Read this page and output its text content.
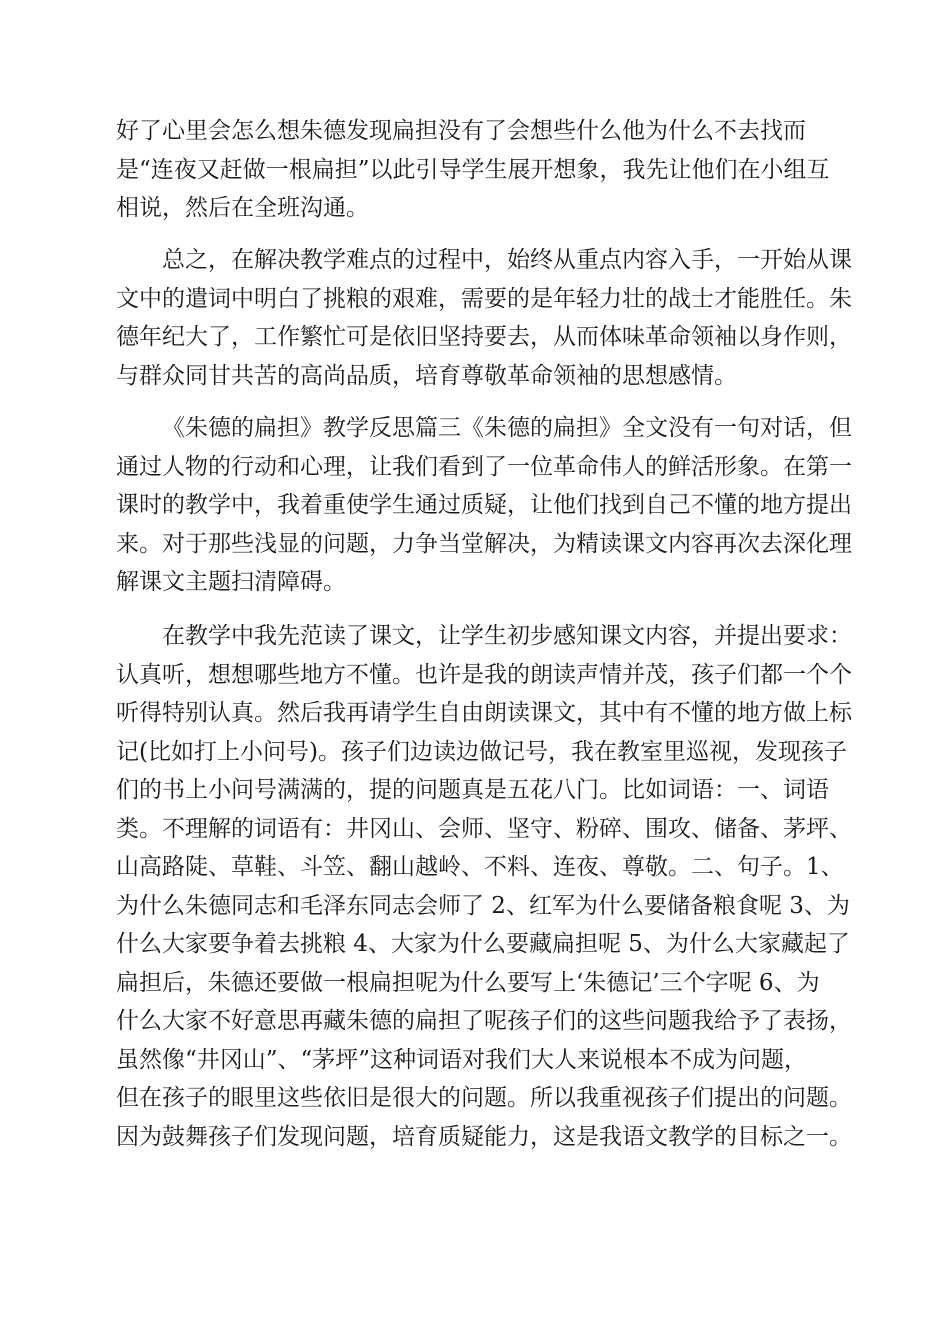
好了心里会怎么想朱德发现扁担没有了会想些什么他为什么不去找而
是“连夜又赶做一根扁担”以此引导学生展开想象，我先让他们在小组互
相说，然后在全班沟通。

总之，在解决教学难点的过程中，始终从重点内容入手，一开始从课
文中的遣词中明白了挑粮的艰难，需要的是年轻力壮的战士才能胜任。朱
德年纪大了，工作繁忙可是依旧坚持要去，从而体味革命领袖以身作则，
与群众同甘共苦的高尚品质，培育尊敬革命领袖的思想感情。

《朱德的扁担》教学反思篇三《朱德的扁担》全文没有一句对话，但
通过人物的行动和心理，让我们看到了一位革命伟人的鲜活形象。在第一
课时的教学中，我着重使学生通过质疑，让他们找到自己不懂的地方提出
来。对于那些浅显的问题，力争当堂解决，为精读课文内容再次去深化理
解课文主题扫清障碍。

在教学中我先范读了课文，让学生初步感知课文内容，并提出要求：
认真听，想想哪些地方不懂。也许是我的朗读声情并茂，孩子们都一个个
听得特别认真。然后我再请学生自由朗读课文，其中有不懂的地方做上标
记(比如打上小问号)。孩子们边读边做记号，我在教室里巡视，发现孩子
们的书上小问号满满的，提的问题真是五花八门。比如词语：一、词语
类。不理解的词语有：井冈山、会师、坚守、粉碎、围攻、储备、茅坪、
山高路陡、草鞋、斗笠、翻山越岭、不料、连夜、尊敬。二、句子。1、
为什么朱德同志和毛泽东同志会师了 2、红军为什么要储备粮食呢 3、为
什么大家要争着去挑粮 4、大家为什么要藏扁担呢 5、为什么大家藏起了
扁担后，朱德还要做一根扁担呢为什么要写上‘朱德记’三个字呢 6、为
什么大家不好意思再藏朱德的扁担了呢孩子们的这些问题我给予了表扬，
虽然像“井冈山”、“茅坪”这种词语对我们大人来说根本不成为问题，
但在孩子的眼里这些依旧是很大的问题。所以我重视孩子们提出的问题。
因为鼓舞孩子们发现问题，培育质疑能力，这是我语文教学的目标之一。
